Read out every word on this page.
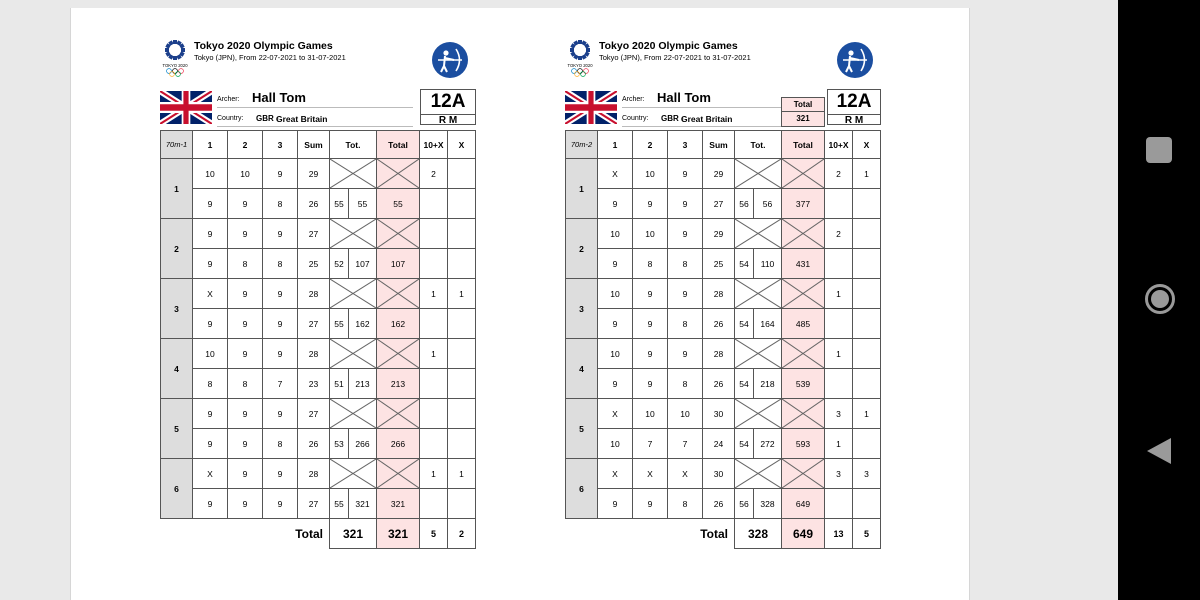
TOKYO 2020
Tokyo 2020 Olympic Games
Tokyo (JPN), From 22-07-2021 to 31-07-2021
Archer: Hall Tom
Country: GBR -
Great Britain
12A
R M
70m-1	1	2	3	Sum	Tot.		Total	10+X	X
1	10	10	9	29				2	
	9	9	8	26	55	55	55		
2	9	9	9	27	

	9	8	8	25	52	107	107		
3	X	9	9	28				1	1
	9	9	9	27	55	162	162		
4	10	9	9	28				1	
	8	8	7	23	51	213	213		
5	9	9	9	27	

	9	9	8	26	53	266	266		
6	X	9	9	28				1	1
	9	9	9	27	55	321	321		
Total					321		321	5	2
TOKYO 2020
Tokyo 2020 Olympic Games
Tokyo (JPN), From 22-07-2021 to 31-07-2021
Archer: Hall Tom
Country: GBR -
Great Britain
Total
321
12A
R M
70m-2	1	2	3	Sum	Tot.		Total	10+X	X
1	X	10	9	29				2	1
	9	9	9	27	56	56	377		
2	10	10	9	29				2	
	9	8	8	25	54	110	431		
3	10	9	9	28				1	
	9	9	8	26	54	164	485		
4	10	9	9	28				1	
	9	9	8	26	54	218	539		
5	X	10	10	30				3	1
	10	7	7	24	54	272	593	1	
6	X	X	X	30				3	3
	9	9	8	26	56	328	649		
Total					328		649	13	5
